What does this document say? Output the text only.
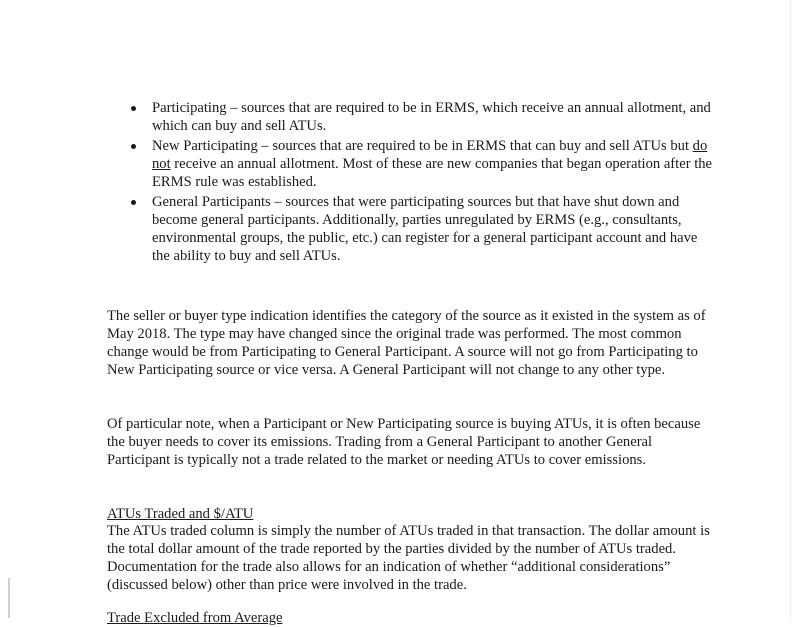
Participating – sources that are required to be in ERMS, which receive an annual allotment, and which can buy and sell ATUs.
New Participating – sources that are required to be in ERMS that can buy and sell ATUs but do not receive an annual allotment. Most of these are new companies that began operation after the ERMS rule was established.
General Participants – sources that were participating sources but that have shut down and become general participants. Additionally, parties unregulated by ERMS (e.g., consultants, environmental groups, the public, etc.) can register for a general participant account and have the ability to buy and sell ATUs.

The seller or buyer type indication identifies the category of the source as it existed in the system as of May 2018. The type may have changed since the original trade was performed. The most common change would be from Participating to General Participant. A source will not go from Participating to New Participating source or vice versa. A General Participant will not change to any other type.

Of particular note, when a Participant or New Participating source is buying ATUs, it is often because the buyer needs to cover its emissions. Trading from a General Participant to another General Participant is typically not a trade related to the market or needing ATUs to cover emissions.

ATUs Traded and $/ATU

The ATUs traded column is simply the number of ATUs traded in that transaction. The dollar amount is the total dollar amount of the trade reported by the parties divided by the number of ATUs traded. Documentation for the trade also allows for an indication of whether “additional considerations” (discussed below) other than price were involved in the trade.

Trade Excluded from Average
